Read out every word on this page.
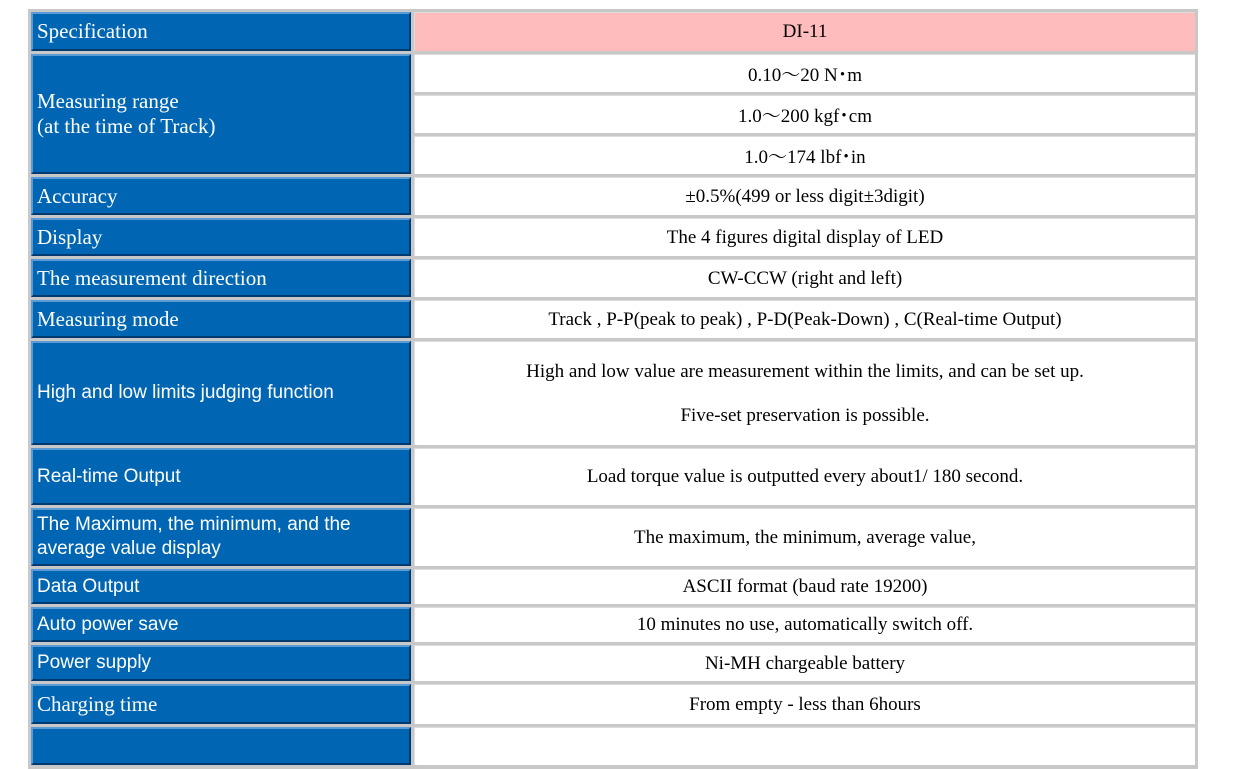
Specification	DI-11

Measuring range
(at the time of Track)	0.10〜20 N･m
	1.0〜200 kgf･cm
	1.0〜174 lbf･in
Accuracy	±0.5%(499 or less digit±3digit)
Display	The 4 figures digital display of LED
The measurement direction	CW-CCW (right and left)
Measuring mode	Track , P-P(peak to peak) , P-D(Peak-Down) , C(Real-time Output)
High and low limits judging function	High and low value are measurement within the limits, and can be set up.

Five-set preservation is possible.

Real-time Output	Load torque value is outputted every about1/ 180 second.

The Maximum, the minimum, and the
average value display	The maximum, the minimum, average value,
Data Output	ASCII format (baud rate 19200)
Auto power save	10 minutes no use, automatically switch off.
Power supply	Ni-MH chargeable battery
Charging time	From empty - less than 6hours
